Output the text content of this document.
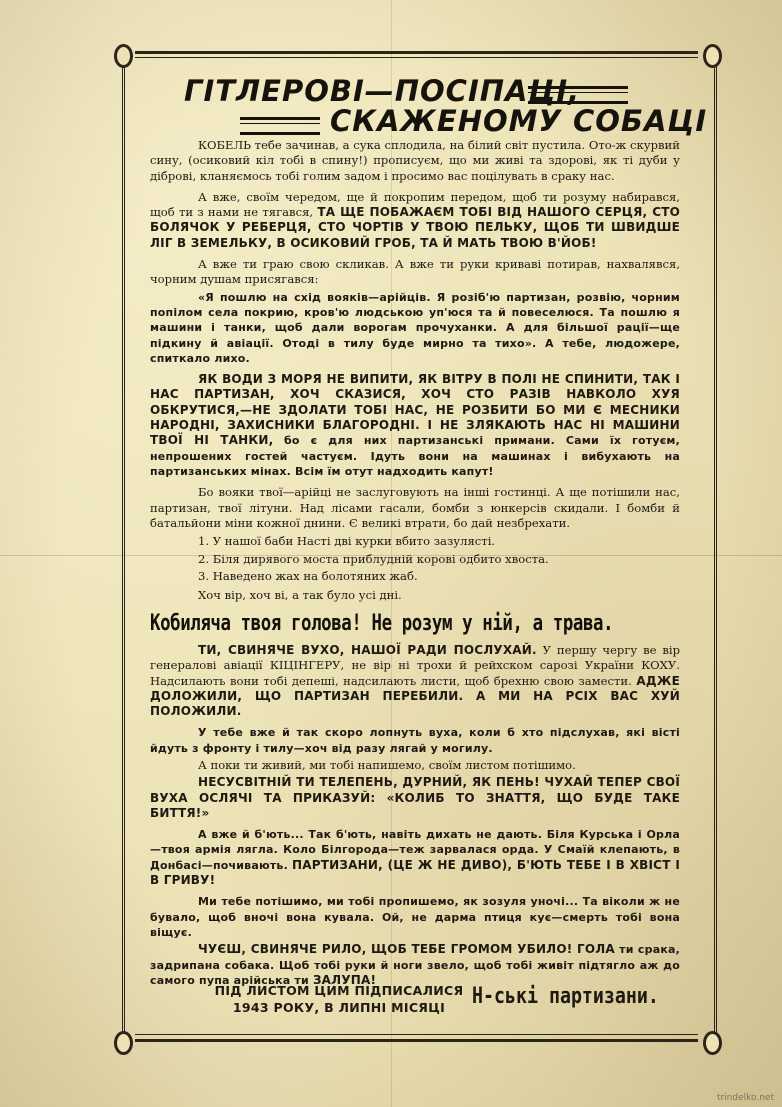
ГІТЛЕРОВІ—ПОСІПАЦІ,
СКАЖЕНОМУ СОБАЦІ

КОБЕЛЬ тебе зачинав, а сука сплодила, на білий світ пустила. Ото-ж скурвий сину, (осиковий кіл тобі в спину!) прописуєм, що ми живі та здорові, як ті дуби у діброві, кланяємось тобі голим задом і просимо вас поцілувать в сраку нас.

А вже, своїм чередом, ще й покропим передом, щоб ти розуму набирався, щоб ти з нами не тягався, ТА ЩЕ ПОБАЖАЄМ ТОБІ ВІД НАШОГО СЕРЦЯ, СТО БОЛЯЧОК У РЕБЕРЦЯ, СТО ЧОРТІВ У ТВОЮ ПЕЛЬКУ, ЩОБ ТИ ШВИДШЕ ЛІГ В ЗЕМЕЛЬКУ, В ОСИКОВИЙ ГРОБ, ТА Й МАТЬ ТВОЮ В'ЙОБ!

А вже ти граю свою скликав. А вже ти руки криваві потирав, нахвалявся, чорним душам присягався:

«Я пошлю на схід вояків—арійців. Я розіб'ю партизан, розвію, чорним попілом села покрию, кров'ю людською уп'юся та й повеселюся. Та пошлю я машини і танки, щоб дали ворогам прочуханки. А для більшої рації—ще підкину й авіації. Отоді в тилу буде мирно та тихо». А тебе, людожере, спиткало лихо.

ЯК ВОДИ З МОРЯ НЕ ВИПИТИ, ЯК ВІТРУ В ПОЛІ НЕ СПИНИТИ, ТАК І НАС ПАРТИЗАН, ХОЧ СКАЗИСЯ, ХОЧ СТО РАЗІВ НАВКОЛО ХУЯ ОБКРУТИСЯ,—НЕ ЗДОЛАТИ ТОБІ НАС, НЕ РОЗБИТИ БО МИ Є МЕСНИКИ НАРОДНІ, ЗАХИСНИКИ БЛАГОРОДНІ. І НЕ ЗЛЯКАЮТЬ НАС НІ МАШИНИ ТВОЇ НІ ТАНКИ, бо є для них партизанські примани. Сами їх готуєм, непрошених гостей частуєм. Ідуть вони на машинах і вибухають на партизанських мінах. Всім їм отут надходить капут!

Бо вояки твої—арійці не заслуговують на інші гостинці. А ще потішили нас, партизан, твої літуни. Над лісами гасали, бомби з юнкерсів скидали. І бомби й батальйони міни кожної днини. Є великі втрати, бо дай незбрехати.

1. У нашої баби Насті дві курки вбито зазулясті.
2. Біля дирявого моста приблудній корові одбито хвоста.
3. Наведено жах на болотяних жаб.

Хоч вір, хоч ві, а так було усі дні.

Кобиляча твоя голова! Не розум у ній, а трава.

ТИ, СВИНЯЧЕ ВУХО, НАШОЇ РАДИ ПОСЛУХАЙ. У першу чергу ве вір генералові авіації КІЦІНГЕРУ, не вір ні трохи й рейхском сарозі України КОХУ. Надсилають вони тобі депеші, надсилають листи, щоб брехню свою замести. АДЖЕ ДОЛОЖИЛИ, ЩО ПАРТИЗАН ПЕРЕБИЛИ. А МИ НА РСІХ ВАС ХУЙ ПОЛОЖИЛИ.

У тебе вже й так скоро лопнуть вуха, коли б хто підслухав, які вісті йдуть з фронту і тилу—хоч від разу лягай у могилу.

А поки ти живий, ми тобі напишемо, своїм листом потішимо.

НЕСУСВІТНІЙ ТИ ТЕЛЕПЕНЬ, ДУРНИЙ, ЯК ПЕНЬ! ЧУХАЙ ТЕПЕР СВОЇ ВУХА ОСЛЯЧІ ТА ПРИКАЗУЙ: «КОЛИБ ТО ЗНАТТЯ, ЩО БУДЕ ТАКЕ БИТТЯ!»

А вже й б'ють... Так б'ють, навіть дихать не дають. Біля Курська і Орла—твоя армія лягла. Коло Білгорода—теж зарвалася орда. У Смаїй клепають, в Донбасі—почивають. ПАРТИЗАНИ, (ЦЕ Ж НЕ ДИВО), Б'ЮТЬ ТЕБЕ І В ХВІСТ І В ГРИВУ!

Ми тебе потішимо, ми тобі пропишемо, як зозуля уночі... Та віколи ж не бувало, щоб вночі вона кувала. Ой, не дарма птиця кує—смерть тобі вона віщує.

ЧУЄШ, СВИНЯЧЕ РИЛО, ЩОБ ТЕБЕ ГРОМОМ УБИЛО! ГОЛА ти срака, задрипана собака. Щоб тобі руки й ноги звело, щоб тобі живіт підтягло аж до самого пупа арійська ти ЗАЛУПА!

ПІД ЛИСТОМ ЦИМ ПІДПИСАЛИСЯ
1943 РОКУ, В ЛИПНІ МІСЯЦІ	Н-ські партизани.
trindelko.net
